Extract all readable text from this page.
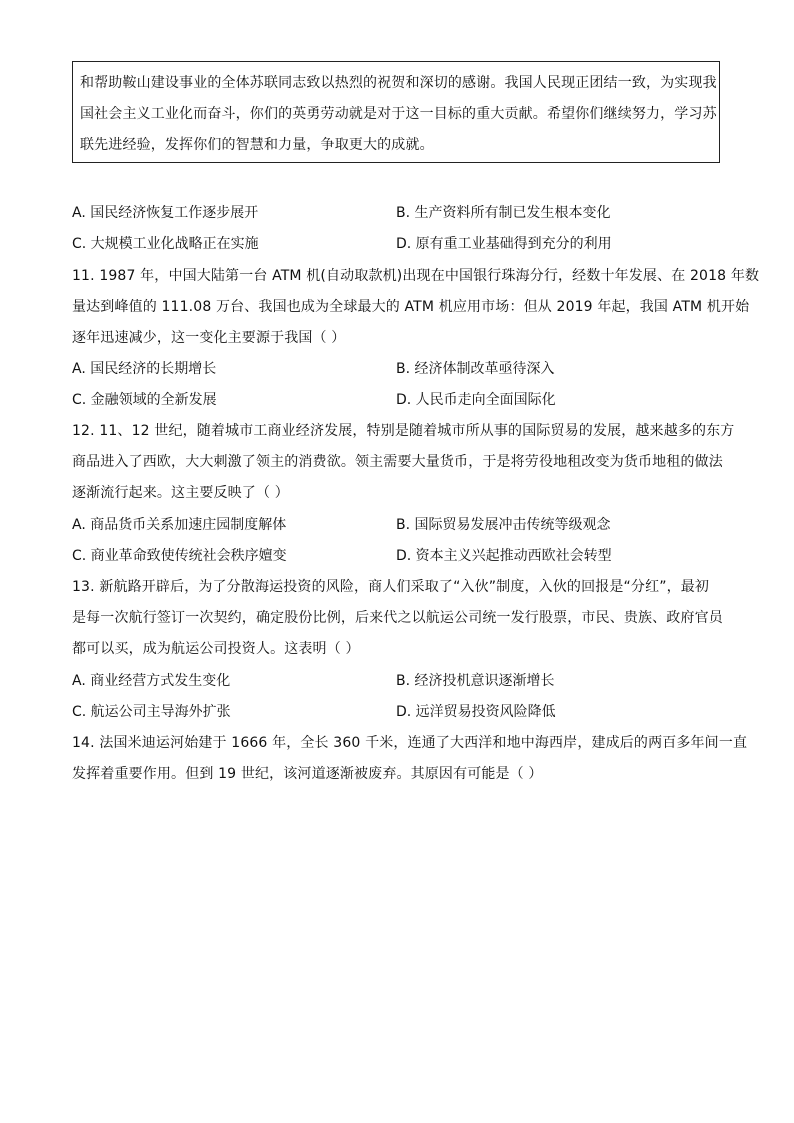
和帮助鞍山建设事业的全体苏联同志致以热烈的祝贺和深切的感谢。我国人民现正团结一致，为实现我
国社会主义工业化而奋斗，你们的英勇劳动就是对于这一目标的重大贡献。希望你们继续努力，学习苏
联先进经验，发挥你们的智慧和力量，争取更大的成就。
A. 国民经济恢复工作逐步展开	B. 生产资料所有制已发生根本变化
C. 大规模工业化战略正在实施	D. 原有重工业基础得到充分的利用
11. 1987 年，中国大陆第一台 ATM 机(自动取款机)出现在中国银行珠海分行，经数十年发展、在 2018 年数
量达到峰值的 111.08 万台、我国也成为全球最大的 ATM 机应用市场：但从 2019 年起，我国 ATM 机开始
逐年迅速减少，这一变化主要源于我国（ ）
A. 国民经济的长期增长	B. 经济体制改革亟待深入
C. 金融领域的全新发展	D. 人民币走向全面国际化
12. 11、12 世纪，随着城市工商业经济发展，特别是随着城市所从事的国际贸易的发展，越来越多的东方
商品进入了西欧，大大刺激了领主的消费欲。领主需要大量货币，于是将劳役地租改变为货币地租的做法
逐渐流行起来。这主要反映了（ ）
A. 商品货币关系加速庄园制度解体	B. 国际贸易发展冲击传统等级观念
C. 商业革命致使传统社会秩序嬗变	D. 资本主义兴起推动西欧社会转型
13. 新航路开辟后，为了分散海运投资的风险，商人们采取了“入伙”制度，入伙的回报是“分红”，最初
是每一次航行签订一次契约，确定股份比例，后来代之以航运公司统一发行股票，市民、贵族、政府官员
都可以买，成为航运公司投资人。这表明（ ）
A. 商业经营方式发生变化	B. 经济投机意识逐渐增长
C. 航运公司主导海外扩张	D. 远洋贸易投资风险降低
14. 法国米迪运河始建于 1666 年，全长 360 千米，连通了大西洋和地中海西岸，建成后的两百多年间一直
发挥着重要作用。但到 19 世纪，该河道逐渐被废弃。其原因有可能是（ ）
